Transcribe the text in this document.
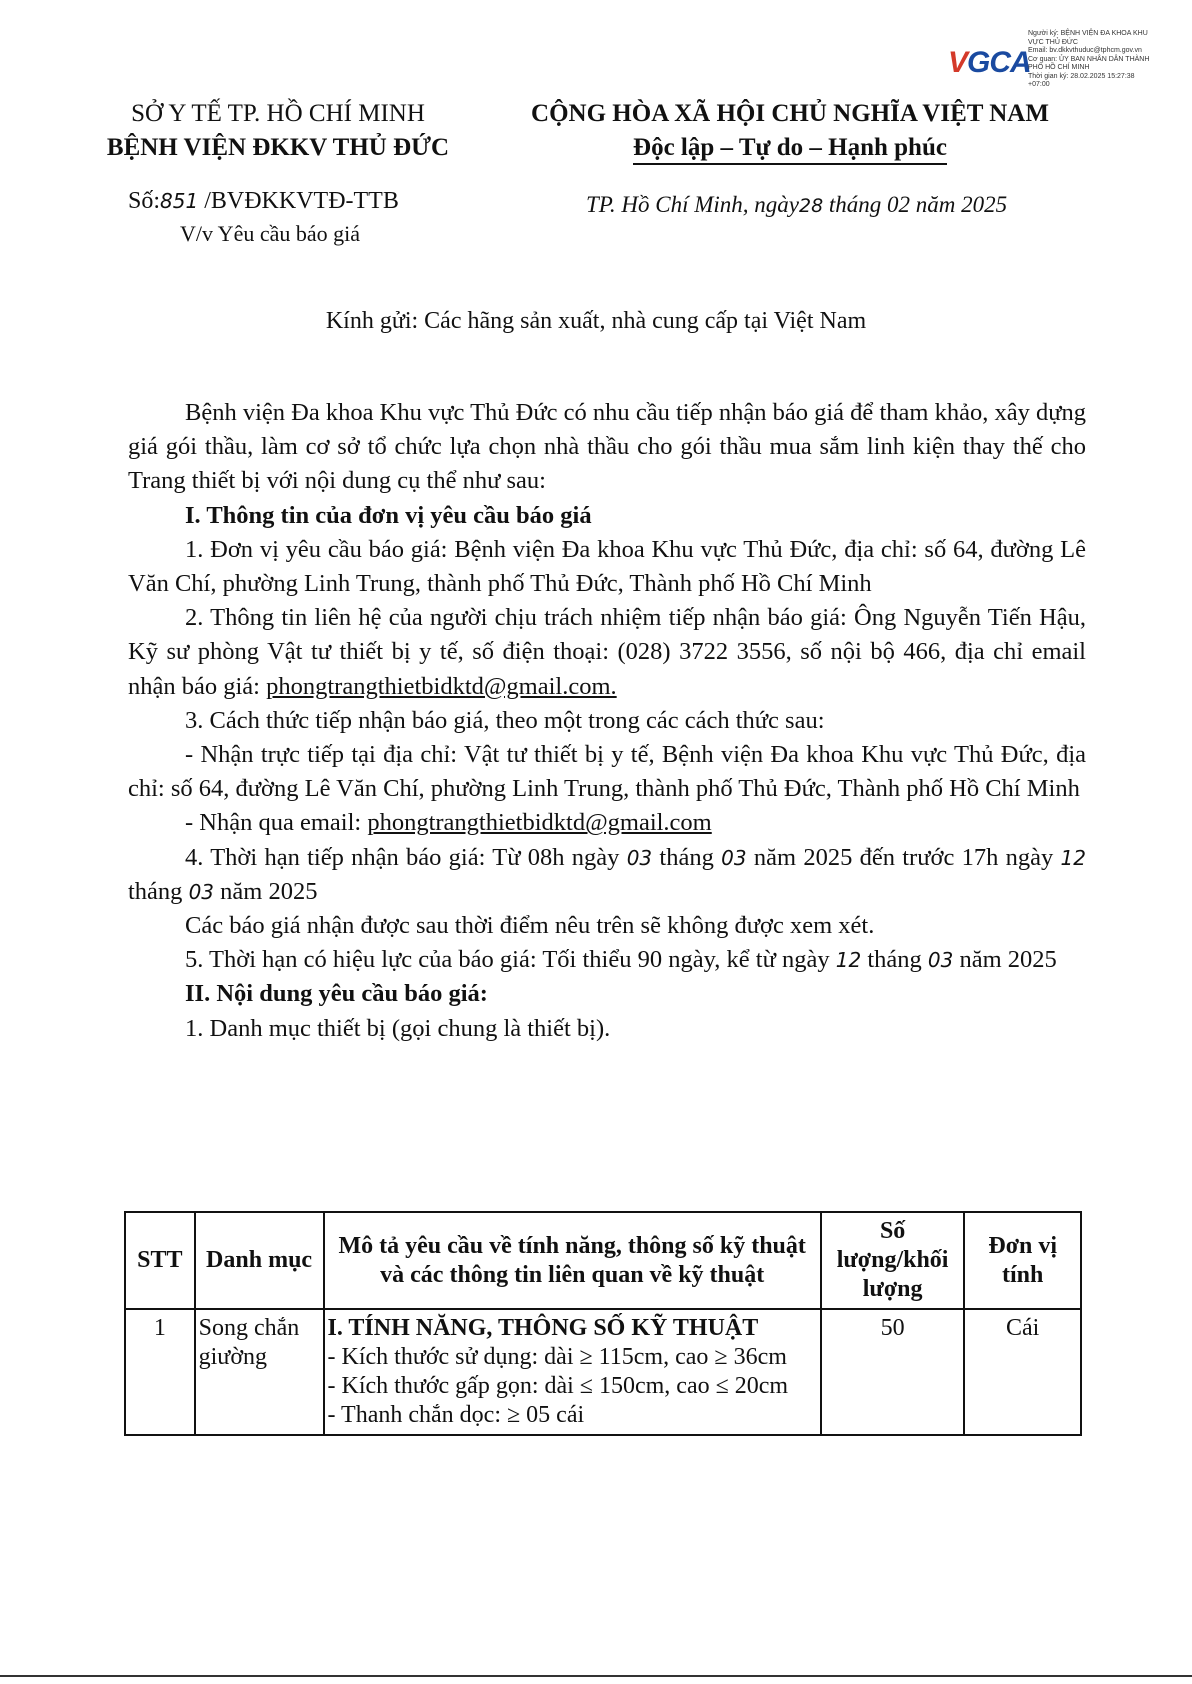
VGCA
Người ký: BỆNH VIỆN ĐA KHOA KHU VỰC THỦ ĐỨC
Email: bv.dkkvthuduc@tphcm.gov.vn
Cơ quan: ỦY BAN NHÂN DÂN THÀNH PHỐ HỒ CHÍ MINH
Thời gian ký: 28.02.2025 15:27:38 +07:00
SỞ Y TẾ TP. HỒ CHÍ MINH
BỆNH VIỆN ĐKKV THỦ ĐỨC
CỘNG HÒA XÃ HỘI CHỦ NGHĨA VIỆT NAM
Độc lập – Tự do – Hạnh phúc
Số:851 /BVĐKKVTĐ-TTB
V/v Yêu cầu báo giá
TP. Hồ Chí Minh, ngày28 tháng 02 năm 2025
Kính gửi: Các hãng sản xuất, nhà cung cấp tại Việt Nam

Bệnh viện Đa khoa Khu vực Thủ Đức có nhu cầu tiếp nhận báo giá để tham khảo, xây dựng giá gói thầu, làm cơ sở tổ chức lựa chọn nhà thầu cho gói thầu mua sắm linh kiện thay thế cho Trang thiết bị với nội dung cụ thể như sau:

I. Thông tin của đơn vị yêu cầu báo giá

1. Đơn vị yêu cầu báo giá: Bệnh viện Đa khoa Khu vực Thủ Đức, địa chỉ: số 64, đường Lê Văn Chí, phường Linh Trung, thành phố Thủ Đức, Thành phố Hồ Chí Minh

2. Thông tin liên hệ của người chịu trách nhiệm tiếp nhận báo giá: Ông Nguyễn Tiến Hậu, Kỹ sư phòng Vật tư thiết bị y tế, số điện thoại: (028) 3722 3556, số nội bộ 466, địa chỉ email nhận báo giá: phongtrangthietbidktd@gmail.com.

3. Cách thức tiếp nhận báo giá, theo một trong các cách thức sau:

- Nhận trực tiếp tại địa chỉ: Vật tư thiết bị y tế, Bệnh viện Đa khoa Khu vực Thủ Đức, địa chỉ: số 64, đường Lê Văn Chí, phường Linh Trung, thành phố Thủ Đức, Thành phố Hồ Chí Minh

- Nhận qua email: phongtrangthietbidktd@gmail.com

4. Thời hạn tiếp nhận báo giá: Từ 08h ngày 03 tháng 03 năm 2025 đến trước 17h ngày 12 tháng 03 năm 2025

Các báo giá nhận được sau thời điểm nêu trên sẽ không được xem xét.

5. Thời hạn có hiệu lực của báo giá: Tối thiểu 90 ngày, kể từ ngày 12 tháng 03 năm 2025

II. Nội dung yêu cầu báo giá:

1. Danh mục thiết bị (gọi chung là thiết bị).

STT	Danh mục	Mô tả yêu cầu về tính năng, thông số kỹ thuật và các thông tin liên quan về kỹ thuật	Số lượng/khối lượng	Đơn vị tính
1	Song chắn giường	I. TÍNH NĂNG, THÔNG SỐ KỸ THUẬT
- Kích thước sử dụng: dài ≥ 115cm, cao ≥ 36cm
- Kích thước gấp gọn: dài ≤ 150cm, cao ≤ 20cm
- Thanh chắn dọc: ≥ 05 cái	50	Cái
